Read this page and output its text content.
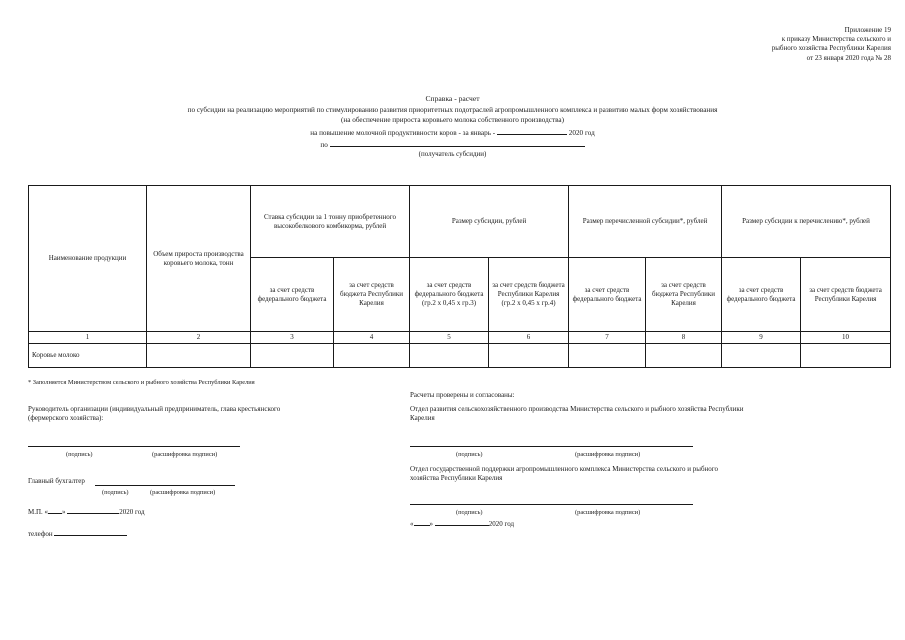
Приложение 19
к приказу Министерства сельского и
рыбного хозяйства Республики Карелия
от 23 января 2020 года № 28
Справка - расчет
по субсидии на реализацию мероприятий по стимулированию развития приоритетных подотраслей агропромышленного комплекса и развитию малых форм хозяйствования
(на обеспечение прироста коровьего молока собственного производства)
на повышение молочной продуктивности коров - за январь -	2020 год
по
(получатель субсидии)
Наименование продукции	Объем прироста производства коровьего молока, тонн	Ставка субсидии за 1 тонну приобретенного высокобелкового комбикорма, рублей		Размер субсидии, рублей		Размер перечисленной субсидии*, рублей		Размер субсидии к перечислению*, рублей	
		за счет средств федерального бюджета	за счет средств бюджета Республики Карелия	за счет средств федерального бюджета (гр.2 х 0,45 х гр.3)	за счет средств бюджета Республики Карелия (гр.2 х 0,45 х гр.4)	за счет средств федерального бюджета	за счет средств бюджета Республики Карелия	за счет средств федерального бюджета	за счет средств бюджета Республики Карелия
1	2	3	4	5	6	7	8	9	10
Коровье молоко									
* Заполняется Министерством сельского и рыбного хозяйства Республики Карелия
Руководитель организации (индивидуальный предприниматель, глава крестьянского
(фермерского хозяйства):
(подпись)	(расшифровка подписи)
Главный бухгалтер
(подпись)	(расшифровка подписи)
М.П. « »	2020 год
телефон
Расчеты проверены и согласованы:
Отдел развития сельскохозяйственного производства Министерства сельского и рыбного хозяйства Республики
Карелия
(подпись)	(расшифровка подписи)
Отдел государственной поддержки агропромышленного комплекса Министерства сельского и рыбного
хозяйства Республики Карелия
(подпись)	(расшифровка подписи)
« »	2020 год
